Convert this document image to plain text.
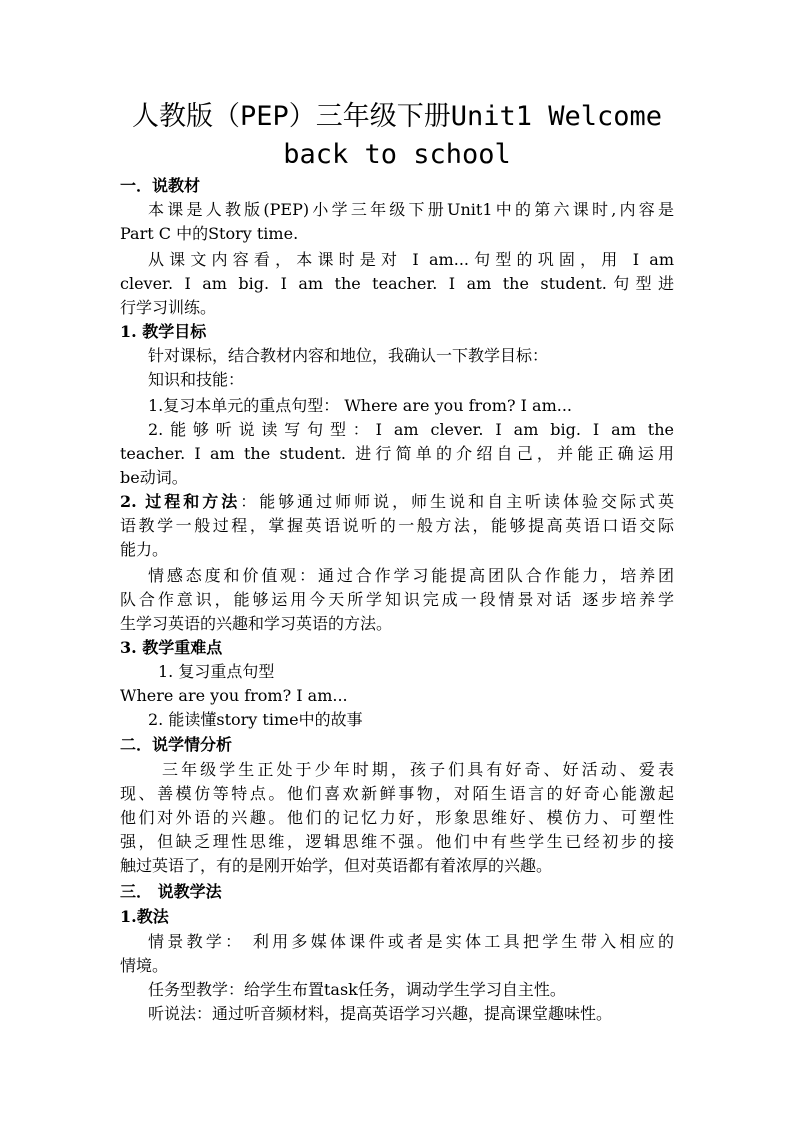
人教版（PEP）三年级下册Unit1 Welcome
back to school
一．说教材
本课是人教版(PEP)小学三年级下册Unit1中的第六课时,内容是
Part C 中的Story time.
从课文内容看，本课时是对 I am...句型的巩固，用 I am
clever. I am big. I am the teacher. I am the student.句型进
行学习训练。
1. 教学目标
针对课标，结合教材内容和地位，我确认一下教学目标：
知识和技能：
1.复习本单元的重点句型： Where are you from? I am...
2.能够听说读写句型：I am clever. I am big. I am the
teacher. I am the student. 进行简单的介绍自己，并能正确运用
be动词。
2. 过程和方法：能够通过师师说，师生说和自主听读体验交际式英
语教学一般过程，掌握英语说听的一般方法，能够提高英语口语交际
能力。
情感态度和价值观：通过合作学习能提高团队合作能力，培养团
队合作意识，能够运用今天所学知识完成一段情景对话 逐步培养学
生学习英语的兴趣和学习英语的方法。
3. 教学重难点
1. 复习重点句型
Where are you from? I am...
2. 能读懂story time中的故事
二．说学情分析
三年级学生正处于少年时期，孩子们具有好奇、好活动、爱表
现、善模仿等特点。他们喜欢新鲜事物，对陌生语言的好奇心能激起
他们对外语的兴趣。他们的记忆力好，形象思维好、模仿力、可塑性
强，但缺乏理性思维，逻辑思维不强。他们中有些学生已经初步的接
触过英语了，有的是刚开始学，但对英语都有着浓厚的兴趣。
三． 说教学法
1.教法
情景教学： 利用多媒体课件或者是实体工具把学生带入相应的
情境。
任务型教学：给学生布置task任务，调动学生学习自主性。
听说法：通过听音频材料，提高英语学习兴趣，提高课堂趣味性。
